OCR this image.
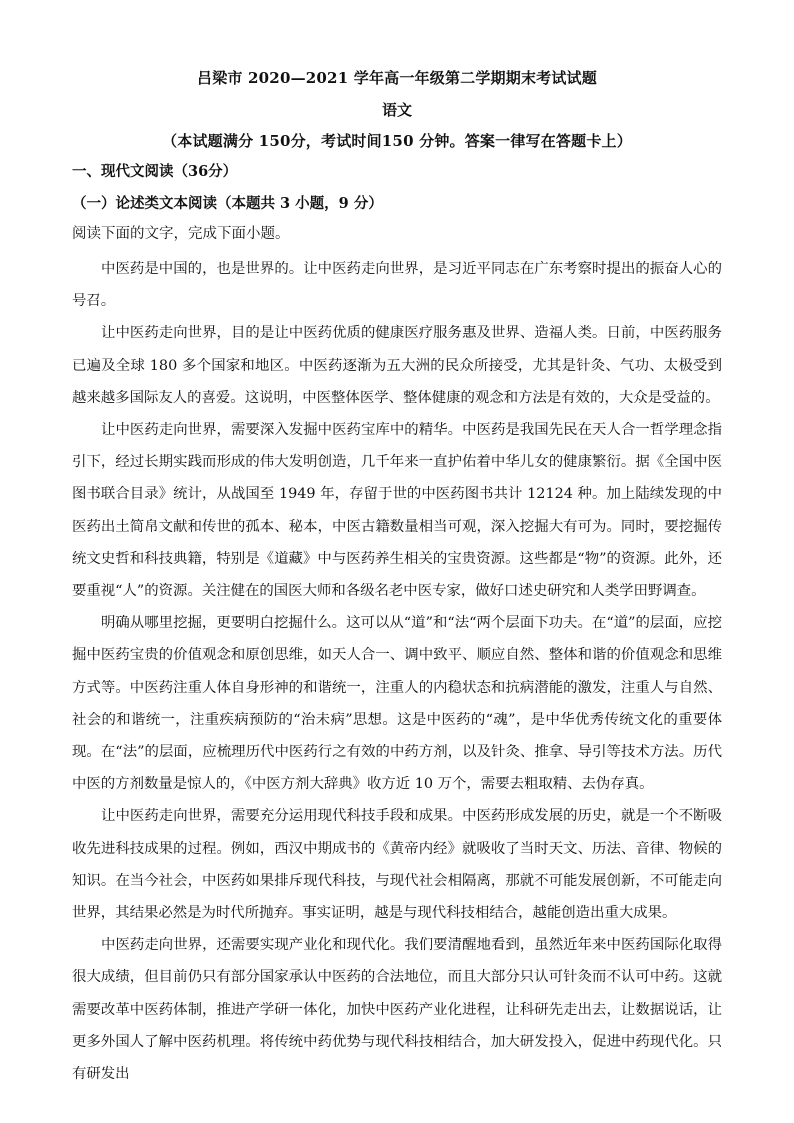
吕梁市 2020—2021 学年高一年级第二学期期末考试试题
语文
（本试题满分 150分，考试时间150 分钟。答案一律写在答题卡上）
一、现代文阅读（36分）
（一）论述类文本阅读（本题共 3 小题，9 分）
阅读下面的文字，完成下面小题。

中医药是中国的，也是世界的。让中医药走向世界，是习近平同志在广东考察时提出的振奋人心的号召。

让中医药走向世界，目的是让中医药优质的健康医疗服务惠及世界、造福人类。日前，中医药服务已遍及全球 180 多个国家和地区。中医药逐渐为五大洲的民众所接受，尤其是针灸、气功、太极受到越来越多国际友人的喜爱。这说明，中医整体医学、整体健康的观念和方法是有效的，大众是受益的。

让中医药走向世界，需要深入发掘中医药宝库中的精华。中医药是我国先民在天人合一哲学理念指引下，经过长期实践而形成的伟大发明创造，几千年来一直护佑着中华儿女的健康繁衍。据《全国中医图书联合目录》统计，从战国至 1949 年，存留于世的中医药图书共计 12124 种。加上陆续发现的中医药出土简帛文献和传世的孤本、秘本，中医古籍数量相当可观，深入挖掘大有可为。同时，要挖掘传统文史哲和科技典籍，特别是《道藏》中与医药养生相关的宝贵资源。这些都是“物”的资源。此外，还要重视“人”的资源。关注健在的国医大师和各级名老中医专家，做好口述史研究和人类学田野调查。

明确从哪里挖掘，更要明白挖掘什么。这可以从“道”和“法“两个层面下功夫。在“道”的层面，应挖掘中医药宝贵的价值观念和原创思维，如天人合一、调中致平、顺应自然、整体和谐的价值观念和思维方式等。中医药注重人体自身形神的和谐统一，注重人的内稳状态和抗病潜能的激发，注重人与自然、社会的和谐统一，注重疾病预防的“治未病”思想。这是中医药的“魂”，是中华优秀传统文化的重要体现。在“法”的层面，应梳理历代中医药行之有效的中药方剂，以及针灸、推拿、导引等技术方法。历代中医的方剂数量是惊人的，《中医方剂大辞典》收方近 10 万个，需要去粗取精、去伪存真。

让中医药走向世界，需要充分运用现代科技手段和成果。中医药形成发展的历史，就是一个不断吸收先进科技成果的过程。例如，西汉中期成书的《黄帝内经》就吸收了当时天文、历法、音律、物候的知识。在当今社会，中医药如果排斥现代科技，与现代社会相隔离，那就不可能发展创新，不可能走向世界，其结果必然是为时代所抛弃。事实证明，越是与现代科技相结合，越能创造出重大成果。

中医药走向世界，还需要实现产业化和现代化。我们要清醒地看到，虽然近年来中医药国际化取得很大成绩，但目前仍只有部分国家承认中医药的合法地位，而且大部分只认可针灸而不认可中药。这就需要改革中医药体制，推进产学研一体化，加快中医药产业化进程，让科研先走出去，让数据说话，让更多外国人了解中医药机理。将传统中药优势与现代科技相结合，加大研发投入，促进中药现代化。只有研发出
